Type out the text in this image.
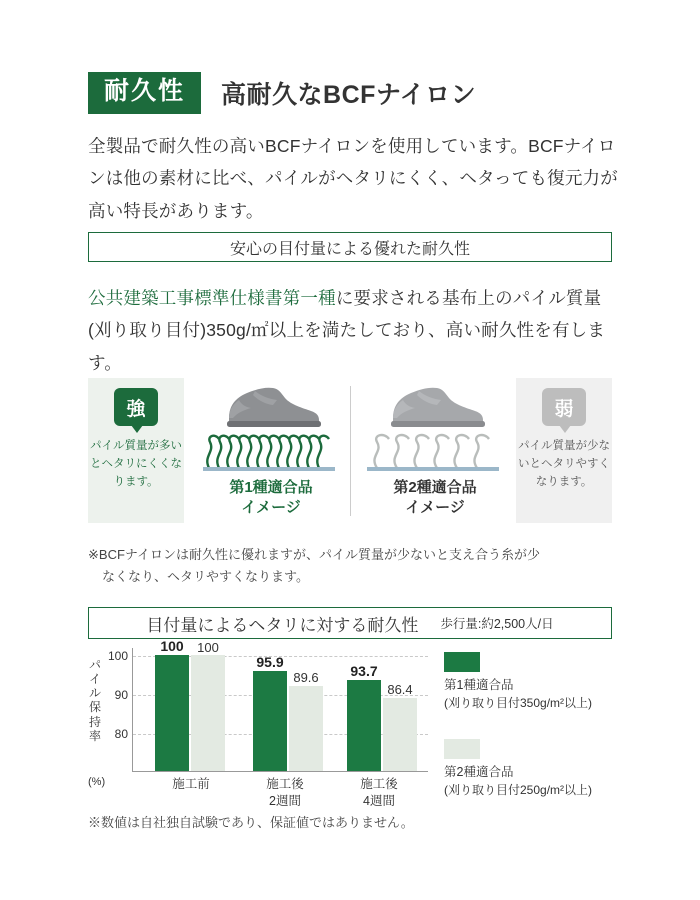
耐久性	高耐久なBCFナイロン
全製品で耐久性の高いBCFナイロンを使用しています。BCFナイロンは他の素材に比べ、パイルがヘタリにくく、ヘタっても復元力が高い特長があります。
安心の目付量による優れた耐久性
公共建築工事標準仕様書第一種に要求される基布上のパイル質量(刈り取り目付)350g/㎡以上を満たしており、高い耐久性を有します。
強
パイル質量が多いとヘタリにくくなります。	第1種適合品
イメージ
第2種適合品
イメージ
弱
パイル質量が少ないとヘタリやすくなります。
※BCFナイロンは耐久性に優れますが、パイル質量が少ないと支え合う糸が少
なくなり、ヘタリやすくなります。
目付量によるヘタリに対する耐久性 歩行量:約2,500人/日
パイル保持率
(%)
100
90
80
100	100
95.9
89.6	93.7
86.4
施工前	施工後
2週間
施工後
4週間
第1種適合品
(刈り取り目付350g/m²以上)
第2種適合品
(刈り取り目付250g/m²以上)
※数値は自社独自試験であり、保証値ではありません。
